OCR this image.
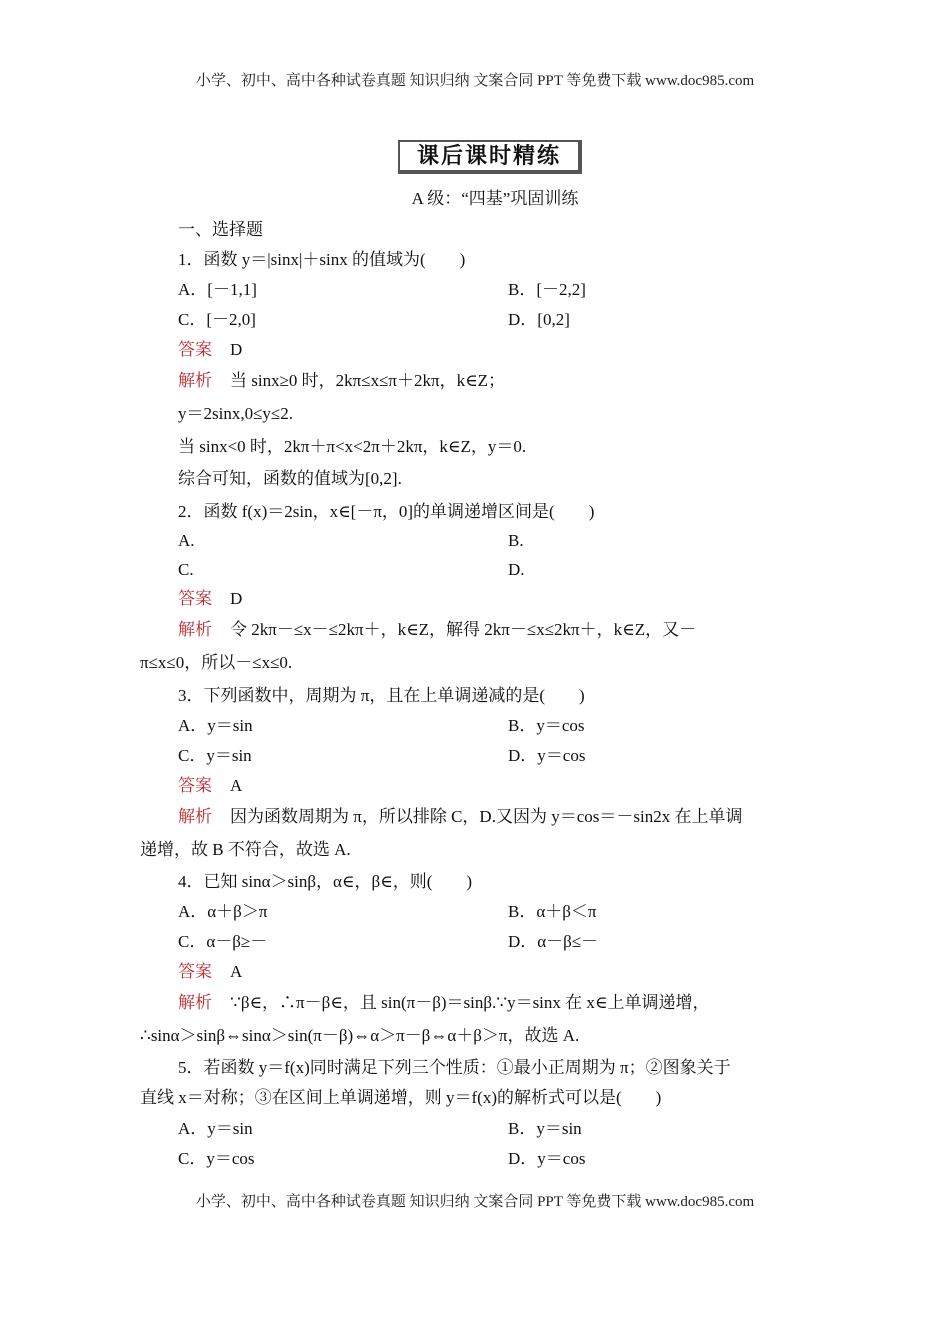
小学、初中、高中各种试卷真题 知识归纳 文案合同 PPT 等免费下载 www.doc985.com
课后课时精练
A 级：“四基”巩固训练
一、选择题
1．函数 y＝|sinx|＋sinx 的值域为(　　)
A．[－1,1]	B．[－2,2]
C．[－2,0]	D．[0,2]
答案 D
解析 当 sinx≥0 时，2kπ≤x≤π＋2kπ，k∈Z；
y＝2sinx,0≤y≤2.
当 sinx<0 时，2kπ＋π<x<2π＋2kπ，k∈Z，y＝0.
综合可知，函数的值域为[0,2].
2．函数 f(x)＝2sin，x∈[－π，0]的单调递增区间是(　　)
A.	B.
C.	D.
答案 D
解析 令 2kπ－≤x－≤2kπ＋，k∈Z，解得 2kπ－≤x≤2kπ＋，k∈Z，又－
π≤x≤0，所以－≤x≤0.
3．下列函数中，周期为 π，且在上单调递减的是(　　)
A．y＝sin	B．y＝cos
C．y＝sin	D．y＝cos
答案 A
解析 因为函数周期为 π，所以排除 C，D.又因为 y＝cos＝－sin2x 在上单调
递增，故 B 不符合，故选 A.
4．已知 sinα＞sinβ，α∈，β∈，则(　　)
A．α＋β＞π	B．α＋β＜π
C．α－β≥－	D．α－β≤－
答案 A
解析 ∵β∈，∴π－β∈，且 sin(π－β)＝sinβ.∵y＝sinx 在 x∈上单调递增，
∴sinα＞sinβ⇔sinα＞sin(π－β)⇔α＞π－β⇔α＋β＞π，故选 A.
5．若函数 y＝f(x)同时满足下列三个性质：①最小正周期为 π；②图象关于
直线 x＝对称；③在区间上单调递增，则 y＝f(x)的解析式可以是(　　)
A．y＝sin	B．y＝sin
C．y＝cos	D．y＝cos
小学、初中、高中各种试卷真题 知识归纳 文案合同 PPT 等免费下载 www.doc985.com
